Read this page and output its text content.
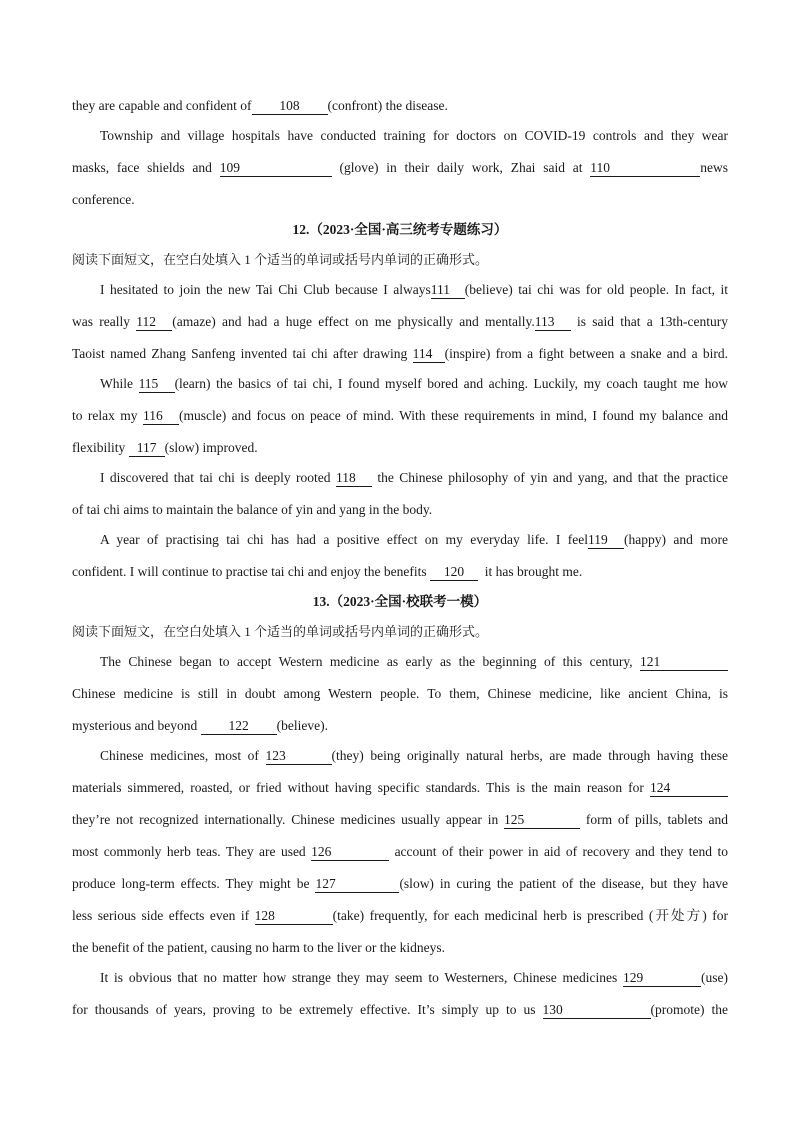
they are capable and confident of 108 (confront) the disease.
Township and village hospitals have conducted training for doctors on COVID-19 controls and they wear
masks, face shields and 109	(glove) in their daily work, Zhai said at 110	news
conference.
12.（2023·全国·高三统考专题练习）
阅读下面短文，在空白处填入 1 个适当的单词或括号内单词的正确形式。
I hesitated to join the new Tai Chi Club because I always111 (believe) tai chi was for old people. In fact, it
was really 112 (amaze) and had a huge effect on me physically and mentally.113 is said that a 13th-century
Taoist named Zhang Sanfeng invented tai chi after drawing 114 (inspire) from a fight between a snake and a bird.
While 115 (learn) the basics of tai chi, I found myself bored and aching. Luckily, my coach taught me how
to relax my 116 (muscle) and focus on peace of mind. With these requirements in mind, I found my balance and
flexibility 117 (slow) improved.
I discovered that tai chi is deeply rooted 118 the Chinese philosophy of yin and yang, and that the practice
of tai chi aims to maintain the balance of yin and yang in the body.
A year of practising tai chi has had a positive effect on my everyday life. I feel119 (happy) and more
confident. I will continue to practise tai chi and enjoy the benefits 120 it has brought me.
13.（2023·全国·校联考一模）
阅读下面短文，在空白处填入 1 个适当的单词或括号内单词的正确形式。
The Chinese began to accept Western medicine as early as the beginning of this century, 121
Chinese medicine is still in doubt among Western people. To them, Chinese medicine, like ancient China, is
mysterious and beyond 122 (believe).
Chinese medicines, most of 123	(they) being originally natural herbs, are made through having these
materials simmered, roasted, or fried without having specific standards. This is the main reason for 124
they’re not recognized internationally. Chinese medicines usually appear in 125	form of pills, tablets and
most commonly herb teas. They are used 126	account of their power in aid of recovery and they tend to
produce long-term effects. They might be 127	(slow) in curing the patient of the disease, but they have
less serious side effects even if 128	(take) frequently, for each medicinal herb is prescribed (开处方) for
the benefit of the patient, causing no harm to the liver or the kidneys.
It is obvious that no matter how strange they may seem to Westerners, Chinese medicines 129	(use)
for thousands of years, proving to be extremely effective. It’s simply up to us 130	(promote) the
